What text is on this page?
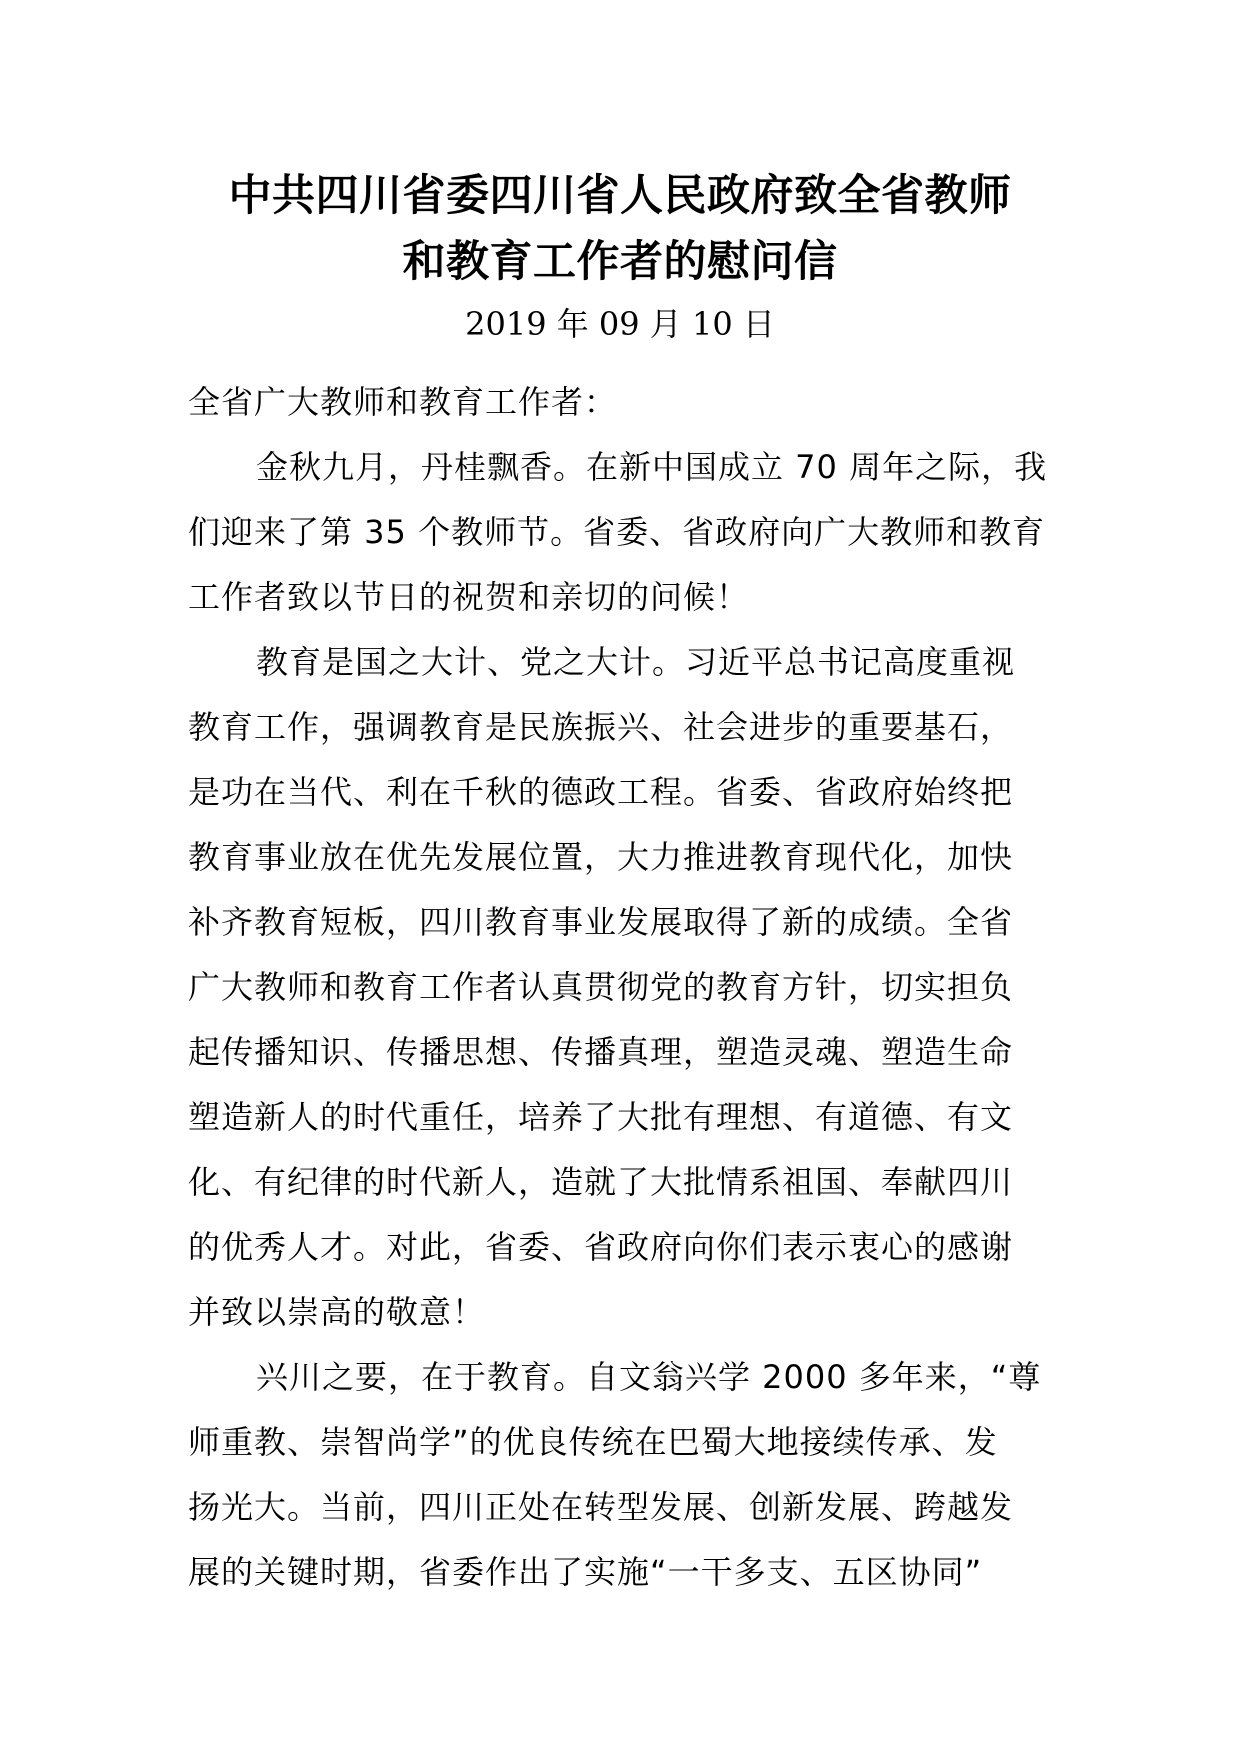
中共四川省委四川省人民政府致全省教师
和教育工作者的慰问信
2019 年 09 月 10 日

全省广大教师和教育工作者：

金秋九月，丹桂飘香。在新中国成立 70 周年之际，我
们迎来了第 35 个教师节。省委、省政府向广大教师和教育
工作者致以节日的祝贺和亲切的问候！

教育是国之大计、党之大计。习近平总书记高度重视
教育工作，强调教育是民族振兴、社会进步的重要基石，
是功在当代、利在千秋的德政工程。省委、省政府始终把
教育事业放在优先发展位置，大力推进教育现代化，加快
补齐教育短板，四川教育事业发展取得了新的成绩。全省
广大教师和教育工作者认真贯彻党的教育方针，切实担负
起传播知识、传播思想、传播真理，塑造灵魂、塑造生命
塑造新人的时代重任，培养了大批有理想、有道德、有文
化、有纪律的时代新人，造就了大批情系祖国、奉献四川
的优秀人才。对此，省委、省政府向你们表示衷心的感谢
并致以崇高的敬意！

兴川之要，在于教育。自文翁兴学 2000 多年来，“尊
师重教、崇智尚学”的优良传统在巴蜀大地接续传承、发
扬光大。当前，四川正处在转型发展、创新发展、跨越发
展的关键时期，省委作出了实施“一干多支、五区协同”
